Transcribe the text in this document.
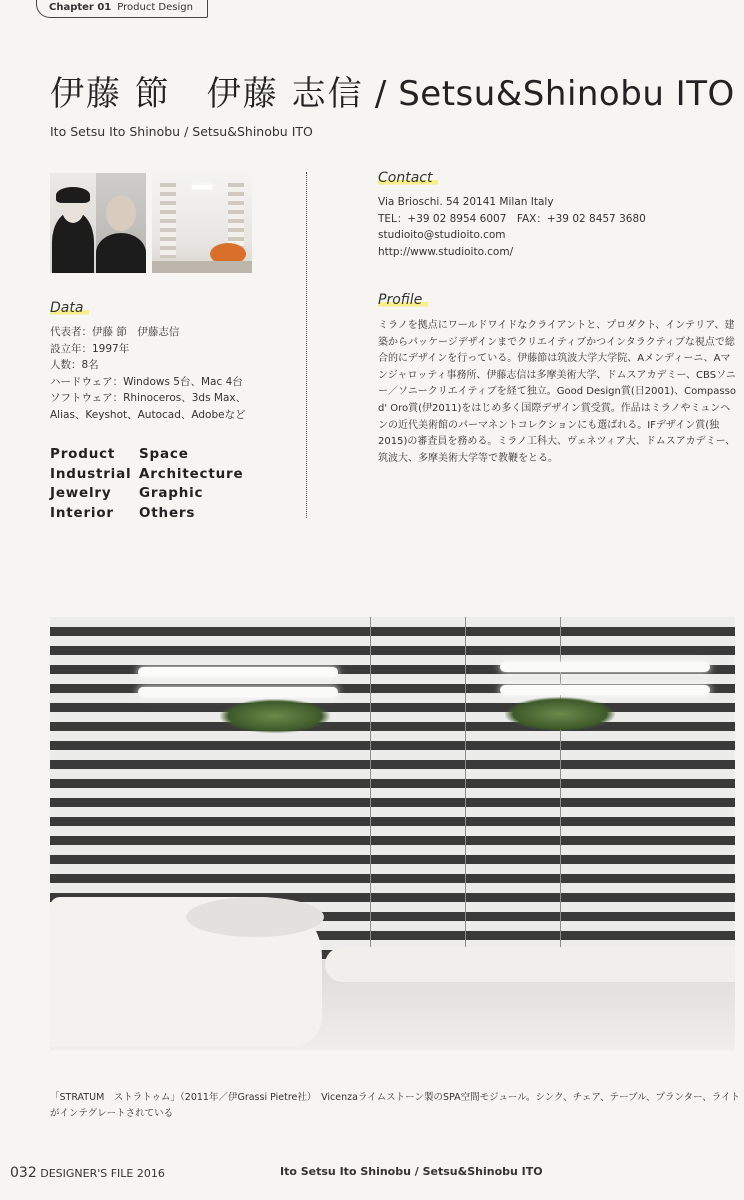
Chapter 01 Product Design
伊藤 節　伊藤 志信 / Setsu&Shinobu ITO
Ito Setsu Ito Shinobu / Setsu&Shinobu ITO
Data
代表者：伊藤 節　伊藤志信
設立年：1997年
人数：8名
ハードウェア：Windows 5台、Mac 4台
ソフトウェア：Rhinoceros、3ds Max、
Alias、Keyshot、Autocad、Adobeなど
Product
Industrial
Jewelry
Interior
Space
Architecture
Graphic
Others
Contact
Via Brioschi. 54 20141 Milan Italy
TEL：+39 02 8954 6007　FAX：+39 02 8457 3680
studioito@studioito.com
http://www.studioito.com/
Profile
ミラノを拠点にワールドワイドなクライアントと、プロダクト、インテリア、建築からパッケージデザインまでクリエイティブかつインタラクティブな視点で総合的にデザインを行っている。伊藤節は筑波大学大学院、Aメンディーニ、Aマンジャロッティ事務所、伊藤志信は多摩美術大学、ドムスアカデミー、CBSソニー／ソニークリエイティブを経て独立。Good Design賞(日2001)、Compasso d' Oro賞(伊2011)をはじめ多く国際デザイン賞受賞。作品はミラノやミュンヘンの近代美術館のパーマネントコレクションにも選ばれる。IFデザイン賞(独2015)の審査員を務める。ミラノ工科大、ヴェネツィア大、ドムスアカデミー、筑波大、多摩美術大学等で教鞭をとる。
「STRATUM　ストラトゥム」（2011年／伊Grassi Pietre社）　Vicenzaライムストーン製のSPA空間モジュール。シンク、チェア、テーブル、プランター、ライトがインテグレートされている
032 DESIGNER'S FILE 2016	Ito Setsu Ito Shinobu / Setsu&Shinobu ITO
